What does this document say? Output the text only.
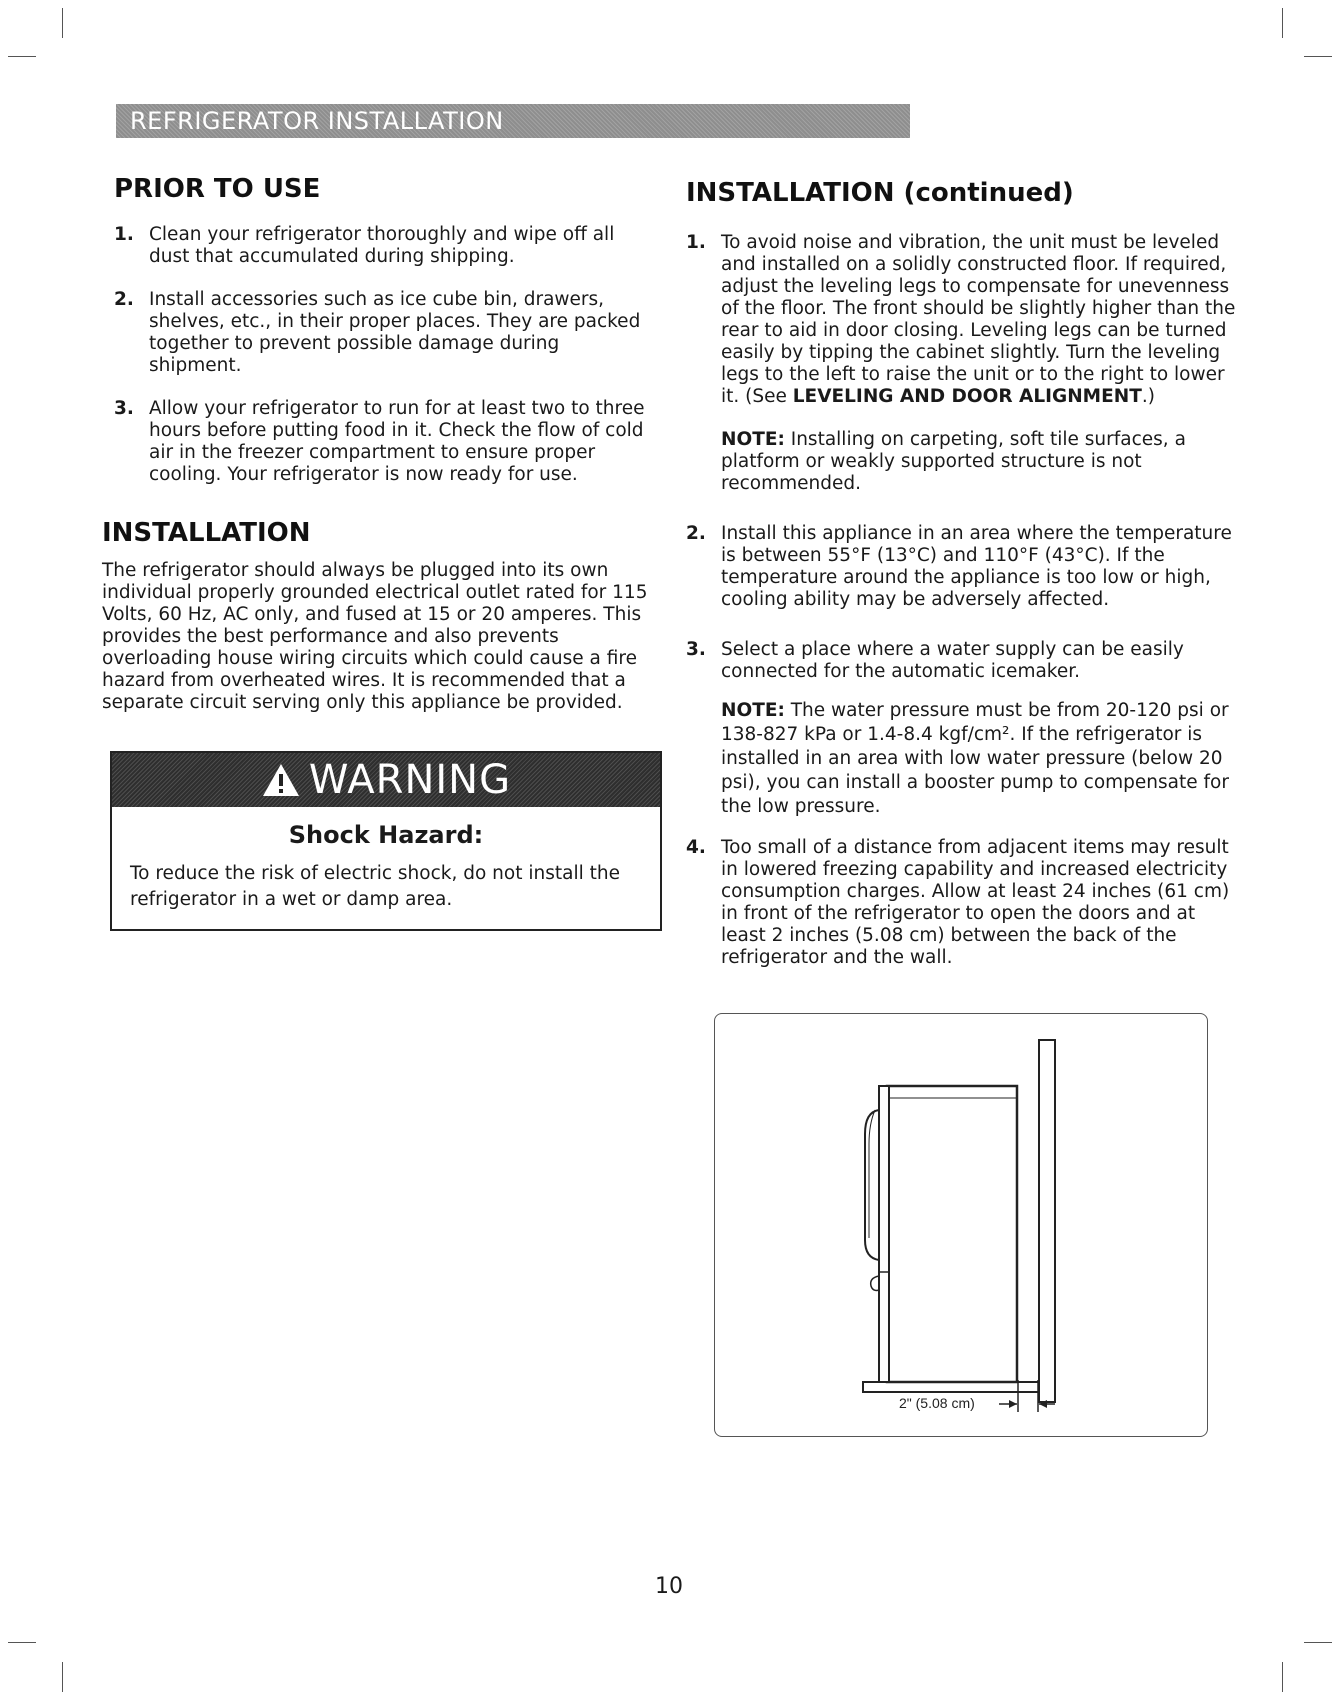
REFRIGERATOR INSTALLATION
PRIOR TO USE
1. Clean your refrigerator thoroughly and wipe off all dust that accumulated during shipping.
2. Install accessories such as ice cube bin, drawers, shelves, etc., in their proper places. They are packed together to prevent possible damage during shipment.
3. Allow your refrigerator to run for at least two to three hours before putting food in it. Check the flow of cold air in the freezer compartment to ensure proper cooling. Your refrigerator is now ready for use.
INSTALLATION

The refrigerator should always be plugged into its own individual properly grounded electrical outlet rated for 115 Volts, 60 Hz, AC only, and fused at 15 or 20 amperes. This provides the best performance and also prevents overloading house wiring circuits which could cause a fire hazard from overheated wires. It is recommended that a separate circuit serving only this appliance be provided.

WARNING
Shock Hazard:
To reduce the risk of electric shock, do not install the refrigerator in a wet or damp area.
INSTALLATION (continued)
1. To avoid noise and vibration, the unit must be leveled and installed on a solidly constructed floor. If required, adjust the leveling legs to compensate for unevenness of the floor. The front should be slightly higher than the rear to aid in door closing. Leveling legs can be turned easily by tipping the cabinet slightly. Turn the leveling legs to the left to raise the unit or to the right to lower it. (See LEVELING AND DOOR ALIGNMENT.)

NOTE: Installing on carpeting, soft tile surfaces, a platform or weakly supported structure is not recommended.

2. Install this appliance in an area where the temperature is between 55°F (13°C) and 110°F (43°C). If the temperature around the appliance is too low or high, cooling ability may be adversely affected.
3. Select a place where a water supply can be easily connected for the automatic icemaker.

NOTE: The water pressure must be from 20-120 psi or 138-827 kPa or 1.4-8.4 kgf/cm². If the refrigerator is installed in an area with low water pressure (below 20 psi), you can install a booster pump to compensate for the low pressure.

4. Too small of a distance from adjacent items may result in lowered freezing capability and increased electricity consumption charges. Allow at least 24 inches (61 cm) in front of the refrigerator to open the doors and at least 2 inches (5.08 cm) between the back of the refrigerator and the wall.
2" (5.08 cm)
10
